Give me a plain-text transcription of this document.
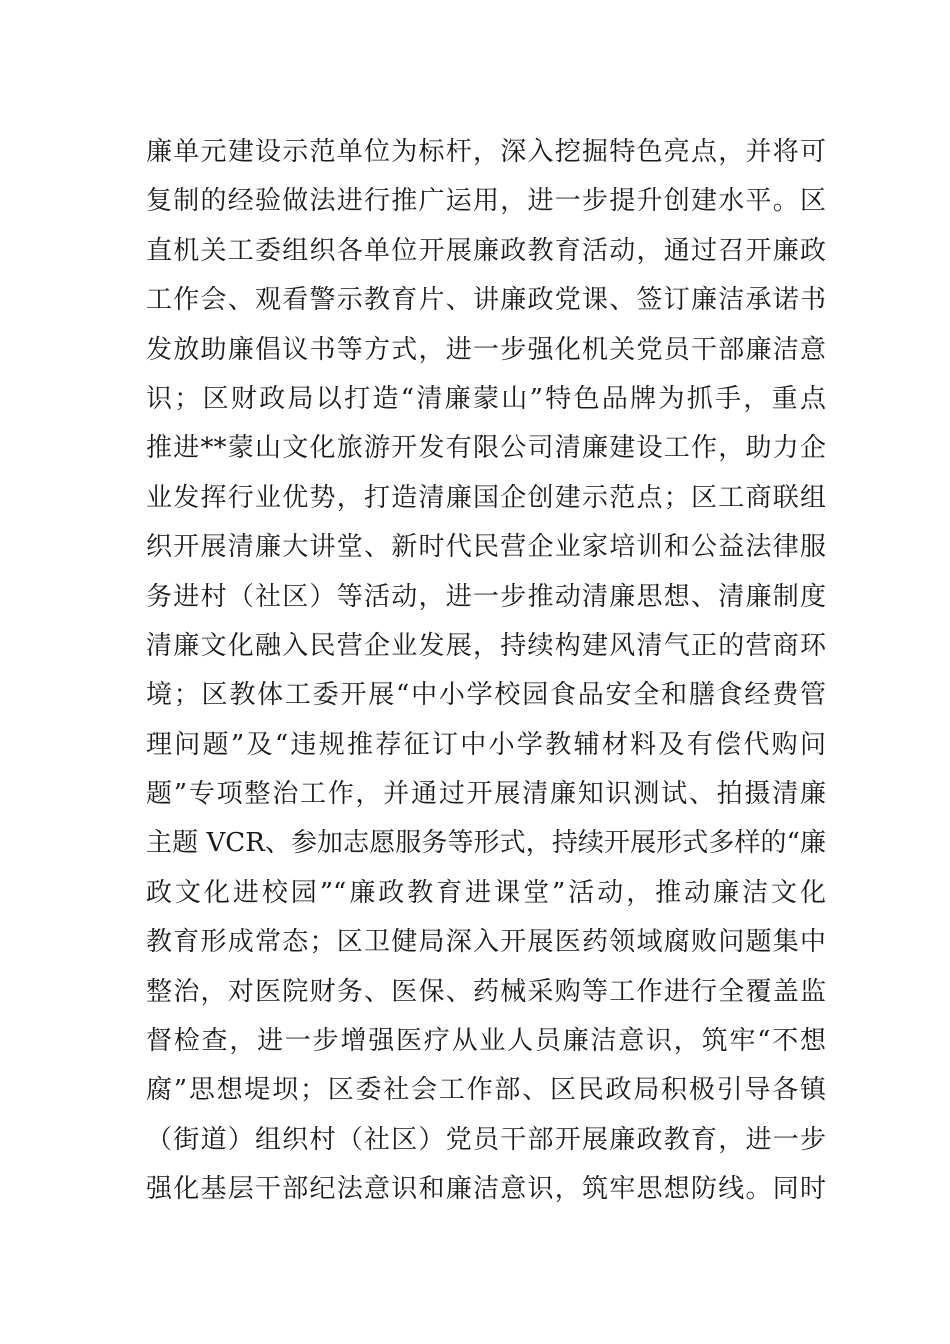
廉单元建设示范单位为标杆，深入挖掘特色亮点，并将可
复制的经验做法进行推广运用，进一步提升创建水平。区
直机关工委组织各单位开展廉政教育活动，通过召开廉政
工作会、观看警示教育片、讲廉政党课、签订廉洁承诺书
发放助廉倡议书等方式，进一步强化机关党员干部廉洁意
识；区财政局以打造“清廉蒙山”特色品牌为抓手，重点
推进**蒙山文化旅游开发有限公司清廉建设工作，助力企
业发挥行业优势，打造清廉国企创建示范点；区工商联组
织开展清廉大讲堂、新时代民营企业家培训和公益法律服
务进村（社区）等活动，进一步推动清廉思想、清廉制度
清廉文化融入民营企业发展，持续构建风清气正的营商环
境；区教体工委开展“中小学校园食品安全和膳食经费管
理问题”及“违规推荐征订中小学教辅材料及有偿代购问
题”专项整治工作，并通过开展清廉知识测试、拍摄清廉
主题 VCR、参加志愿服务等形式，持续开展形式多样的“廉
政文化进校园”“廉政教育进课堂”活动，推动廉洁文化
教育形成常态；区卫健局深入开展医药领域腐败问题集中
整治，对医院财务、医保、药械采购等工作进行全覆盖监
督检查，进一步增强医疗从业人员廉洁意识，筑牢“不想
腐”思想堤坝；区委社会工作部、区民政局积极引导各镇
（街道）组织村（社区）党员干部开展廉政教育，进一步
强化基层干部纪法意识和廉洁意识，筑牢思想防线。同时
